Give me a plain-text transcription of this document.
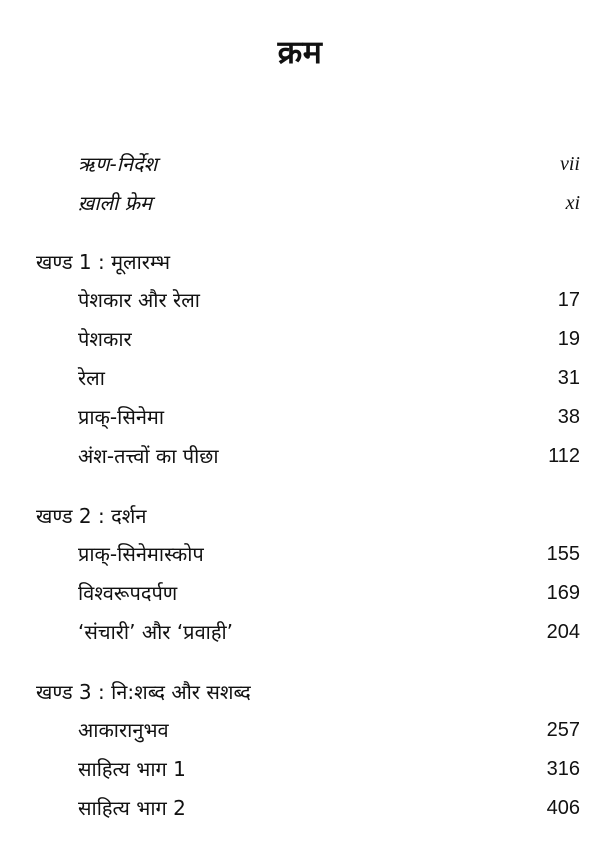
क्रम
ऋण-निर्देश	vii
ख़ाली फ्रेम	xi
खण्ड 1 : मूलारम्भ
पेशकार और रेला	17
पेशकार	19
रेला	31
प्राक्-सिनेमा	38
अंश-तत्त्वों का पीछा	112
खण्ड 2 : दर्शन
प्राक्-सिनेमास्कोप	155
विश्वरूपदर्पण	169
‘संचारी’ और ‘प्रवाही’	204
खण्ड 3 : नि:शब्द और सशब्द
आकारानुभव	257
साहित्य भाग 1	316
साहित्य भाग 2	406
